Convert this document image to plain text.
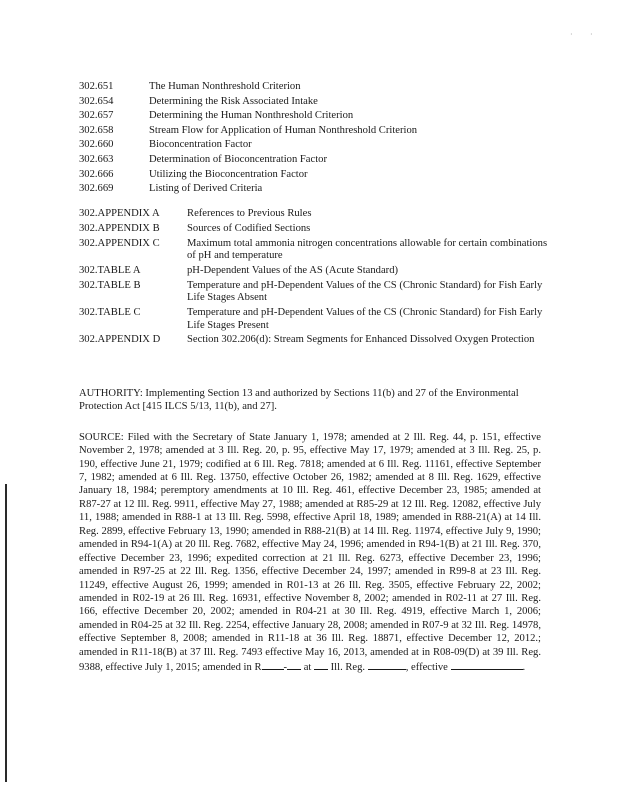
· ·
302.651	The Human Nonthreshold Criterion
302.654	Determining the Risk Associated Intake
302.657	Determining the Human Nonthreshold Criterion
302.658	Stream Flow for Application of Human Nonthreshold Criterion
302.660	Bioconcentration Factor
302.663	Determination of Bioconcentration Factor
302.666	Utilizing the Bioconcentration Factor
302.669	Listing of Derived Criteria
302.APPENDIX A	References to Previous Rules
302.APPENDIX B	Sources of Codified Sections
302.APPENDIX C	Maximum total ammonia nitrogen concentrations allowable for certain combinations of pH and temperature
302.TABLE A	pH-Dependent Values of the AS (Acute Standard)
302.TABLE B	Temperature and pH-Dependent Values of the CS (Chronic Standard) for Fish Early Life Stages Absent
302.TABLE C	Temperature and pH-Dependent Values of the CS (Chronic Standard) for Fish Early Life Stages Present
302.APPENDIX D	Section 302.206(d): Stream Segments for Enhanced Dissolved Oxygen Protection

AUTHORITY: Implementing Section 13 and authorized by Sections 11(b) and 27 of the Environmental Protection Act [415 ILCS 5/13, 11(b), and 27].

SOURCE: Filed with the Secretary of State January 1, 1978; amended at 2 Ill. Reg. 44, p. 151, effective November 2, 1978; amended at 3 Ill. Reg. 20, p. 95, effective May 17, 1979; amended at 3 Ill. Reg. 25, p. 190, effective June 21, 1979; codified at 6 Ill. Reg. 7818; amended at 6 Ill. Reg. 11161, effective September 7, 1982; amended at 6 Ill. Reg. 13750, effective October 26, 1982; amended at 8 Ill. Reg. 1629, effective January 18, 1984; peremptory amendments at 10 Ill. Reg. 461, effective December 23, 1985; amended at R87-27 at 12 Ill. Reg. 9911, effective May 27, 1988; amended at R85-29 at 12 Ill. Reg. 12082, effective July 11, 1988; amended in R88-1 at 13 Ill. Reg. 5998, effective April 18, 1989; amended in R88-21(A) at 14 Ill. Reg. 2899, effective February 13, 1990; amended in R88-21(B) at 14 Ill. Reg. 11974, effective July 9, 1990; amended in R94-1(A) at 20 Ill. Reg. 7682, effective May 24, 1996; amended in R94-1(B) at 21 Ill. Reg. 370, effective December 23, 1996; expedited correction at 21 Ill. Reg. 6273, effective December 23, 1996; amended in R97-25 at 22 Ill. Reg. 1356, effective December 24, 1997; amended in R99-8 at 23 Ill. Reg. 11249, effective August 26, 1999; amended in R01-13 at 26 Ill. Reg. 3505, effective February 22, 2002; amended in R02-19 at 26 Ill. Reg. 16931, effective November 8, 2002; amended in R02-11 at 27 Ill. Reg. 166, effective December 20, 2002; amended in R04-21 at 30 Ill. Reg. 4919, effective March 1, 2006; amended in R04-25 at 32 Ill. Reg. 2254, effective January 28, 2008; amended in R07-9 at 32 Ill. Reg. 14978, effective September 8, 2008; amended in R11-18 at 36 Ill. Reg. 18871, effective December 12, 2012.; amended in R11-18(B) at 37 Ill. Reg. 7493 effective May 16, 2013, amended at in R08-09(D) at 39 Ill. Reg. 9388, effective July 1, 2015; amended in R - at  Ill. Reg.	, effective	.
